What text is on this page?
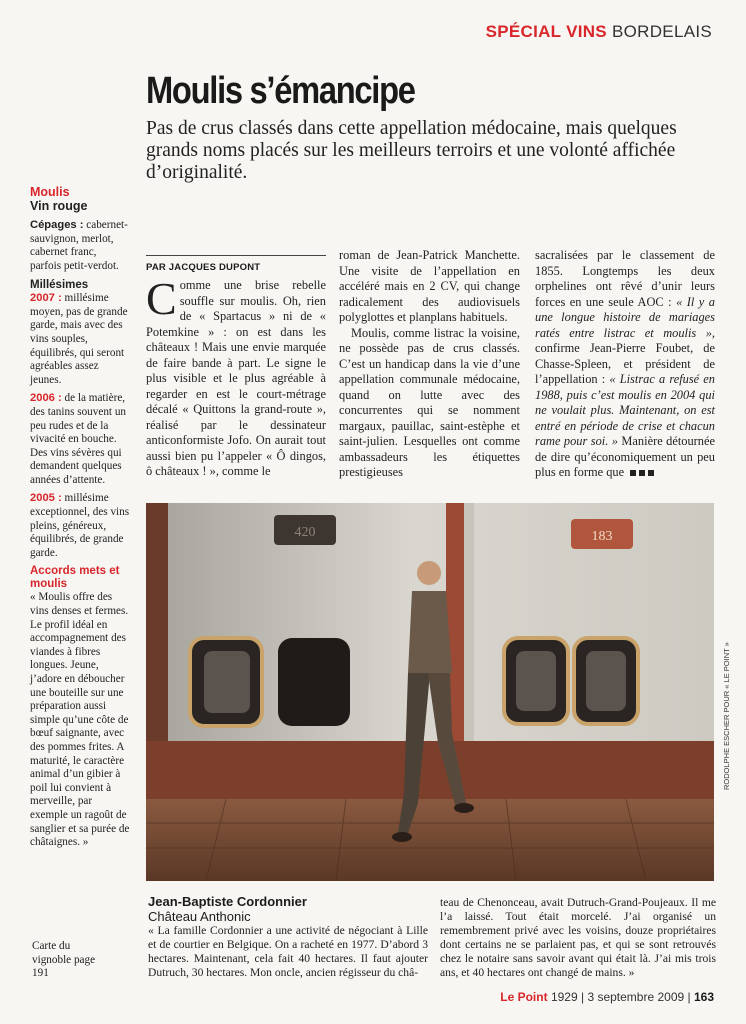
SPÉCIAL VINS BORDELAIS
Moulis s’émancipe
Pas de crus classés dans cette appellation médocaine, mais quelques grands noms placés sur les meilleurs terroirs et une volonté affichée d’originalité.
Moulis
Vin rouge

Cépages : cabernet-sauvignon, merlot, cabernet franc, parfois petit-verdot.

Millésimes

2007 : millésime moyen, pas de grande garde, mais avec des vins souples, équilibrés, qui seront agréables assez jeunes.

2006 : de la matière, des tanins souvent un peu rudes et de la vivacité en bouche. Des vins sévères qui demandent quelques années d’attente.

2005 : millésime exceptionnel, des vins pleins, généreux, équilibrés, de grande garde.

Accords mets et moulis

« Moulis offre des vins denses et fermes. Le profil idéal en accompagnement des viandes à fibres longues. Jeune, j’adore en déboucher une bouteille sur une préparation aussi simple qu’une côte de bœuf saignante, avec des pommes frites. A maturité, le caractère animal d’un gibier à poil lui convient à merveille, par exemple un ragoût de sanglier et sa purée de châtaignes. »

Carte du vignoble page 191
PAR JACQUES DUPONT
Comme une brise rebelle souffle sur moulis. Oh, rien de « Spartacus » ni de « Potemkine » : on est dans les châteaux ! Mais une envie marquée de faire bande à part. Le signe le plus visible et le plus agréable à regarder en est le court-métrage décalé « Quittons la grand-route », réalisé par le dessinateur anticonformiste Jofo. On aurait tout aussi bien pu l’appeler « Ô dingos, ô châteaux ! », comme le
roman de Jean-Patrick Manchette. Une visite de l’appellation en accéléré mais en 2 CV, qui change radicalement des audiovisuels polyglottes et planplans habituels.
Moulis, comme listrac la voisine, ne possède pas de crus classés. C’est un handicap dans la vie d’une appellation communale médocaine, quand on lutte avec des concurrentes qui se nomment margaux, pauillac, saint-estèphe et saint-julien. Lesquelles ont comme ambassadeurs les étiquettes prestigieuses
sacralisées par le classement de 1855. Longtemps les deux orphelines ont rêvé d’unir leurs forces en une seule AOC : « Il y a une longue histoire de mariages ratés entre listrac et moulis », confirme Jean-Pierre Foubet, de Chasse-Spleen, et président de l’appellation : « Listrac a refusé en 1988, puis c’est moulis en 2004 qui ne voulait plus. Maintenant, on est entré en période de crise et chacun rame pour soi. » Manière détournée de dire qu’économiquement un peu plus en forme que
420	183
RODOLPHE ESCHER POUR « LE POINT »
Jean-Baptiste Cordonnier
Château Anthonic
« La famille Cordonnier a une activité de négociant à Lille et de courtier en Belgique. On a racheté en 1977. D’abord 3 hectares. Maintenant, cela fait 40 hectares. Il faut ajouter Dutruch, 30 hectares. Mon oncle, ancien régisseur du châ-
teau de Chenonceau, avait Dutruch-Grand-Poujeaux. Il me l’a laissé. Tout était morcelé. J’ai organisé un remembrement privé avec les voisins, douze propriétaires dont certains ne se parlaient pas, et qui se sont retrouvés chez le notaire sans savoir avant qui était là. J’ai mis trois ans, et 40 hectares ont changé de mains. »
Le Point 1929 | 3 septembre 2009 | 163
